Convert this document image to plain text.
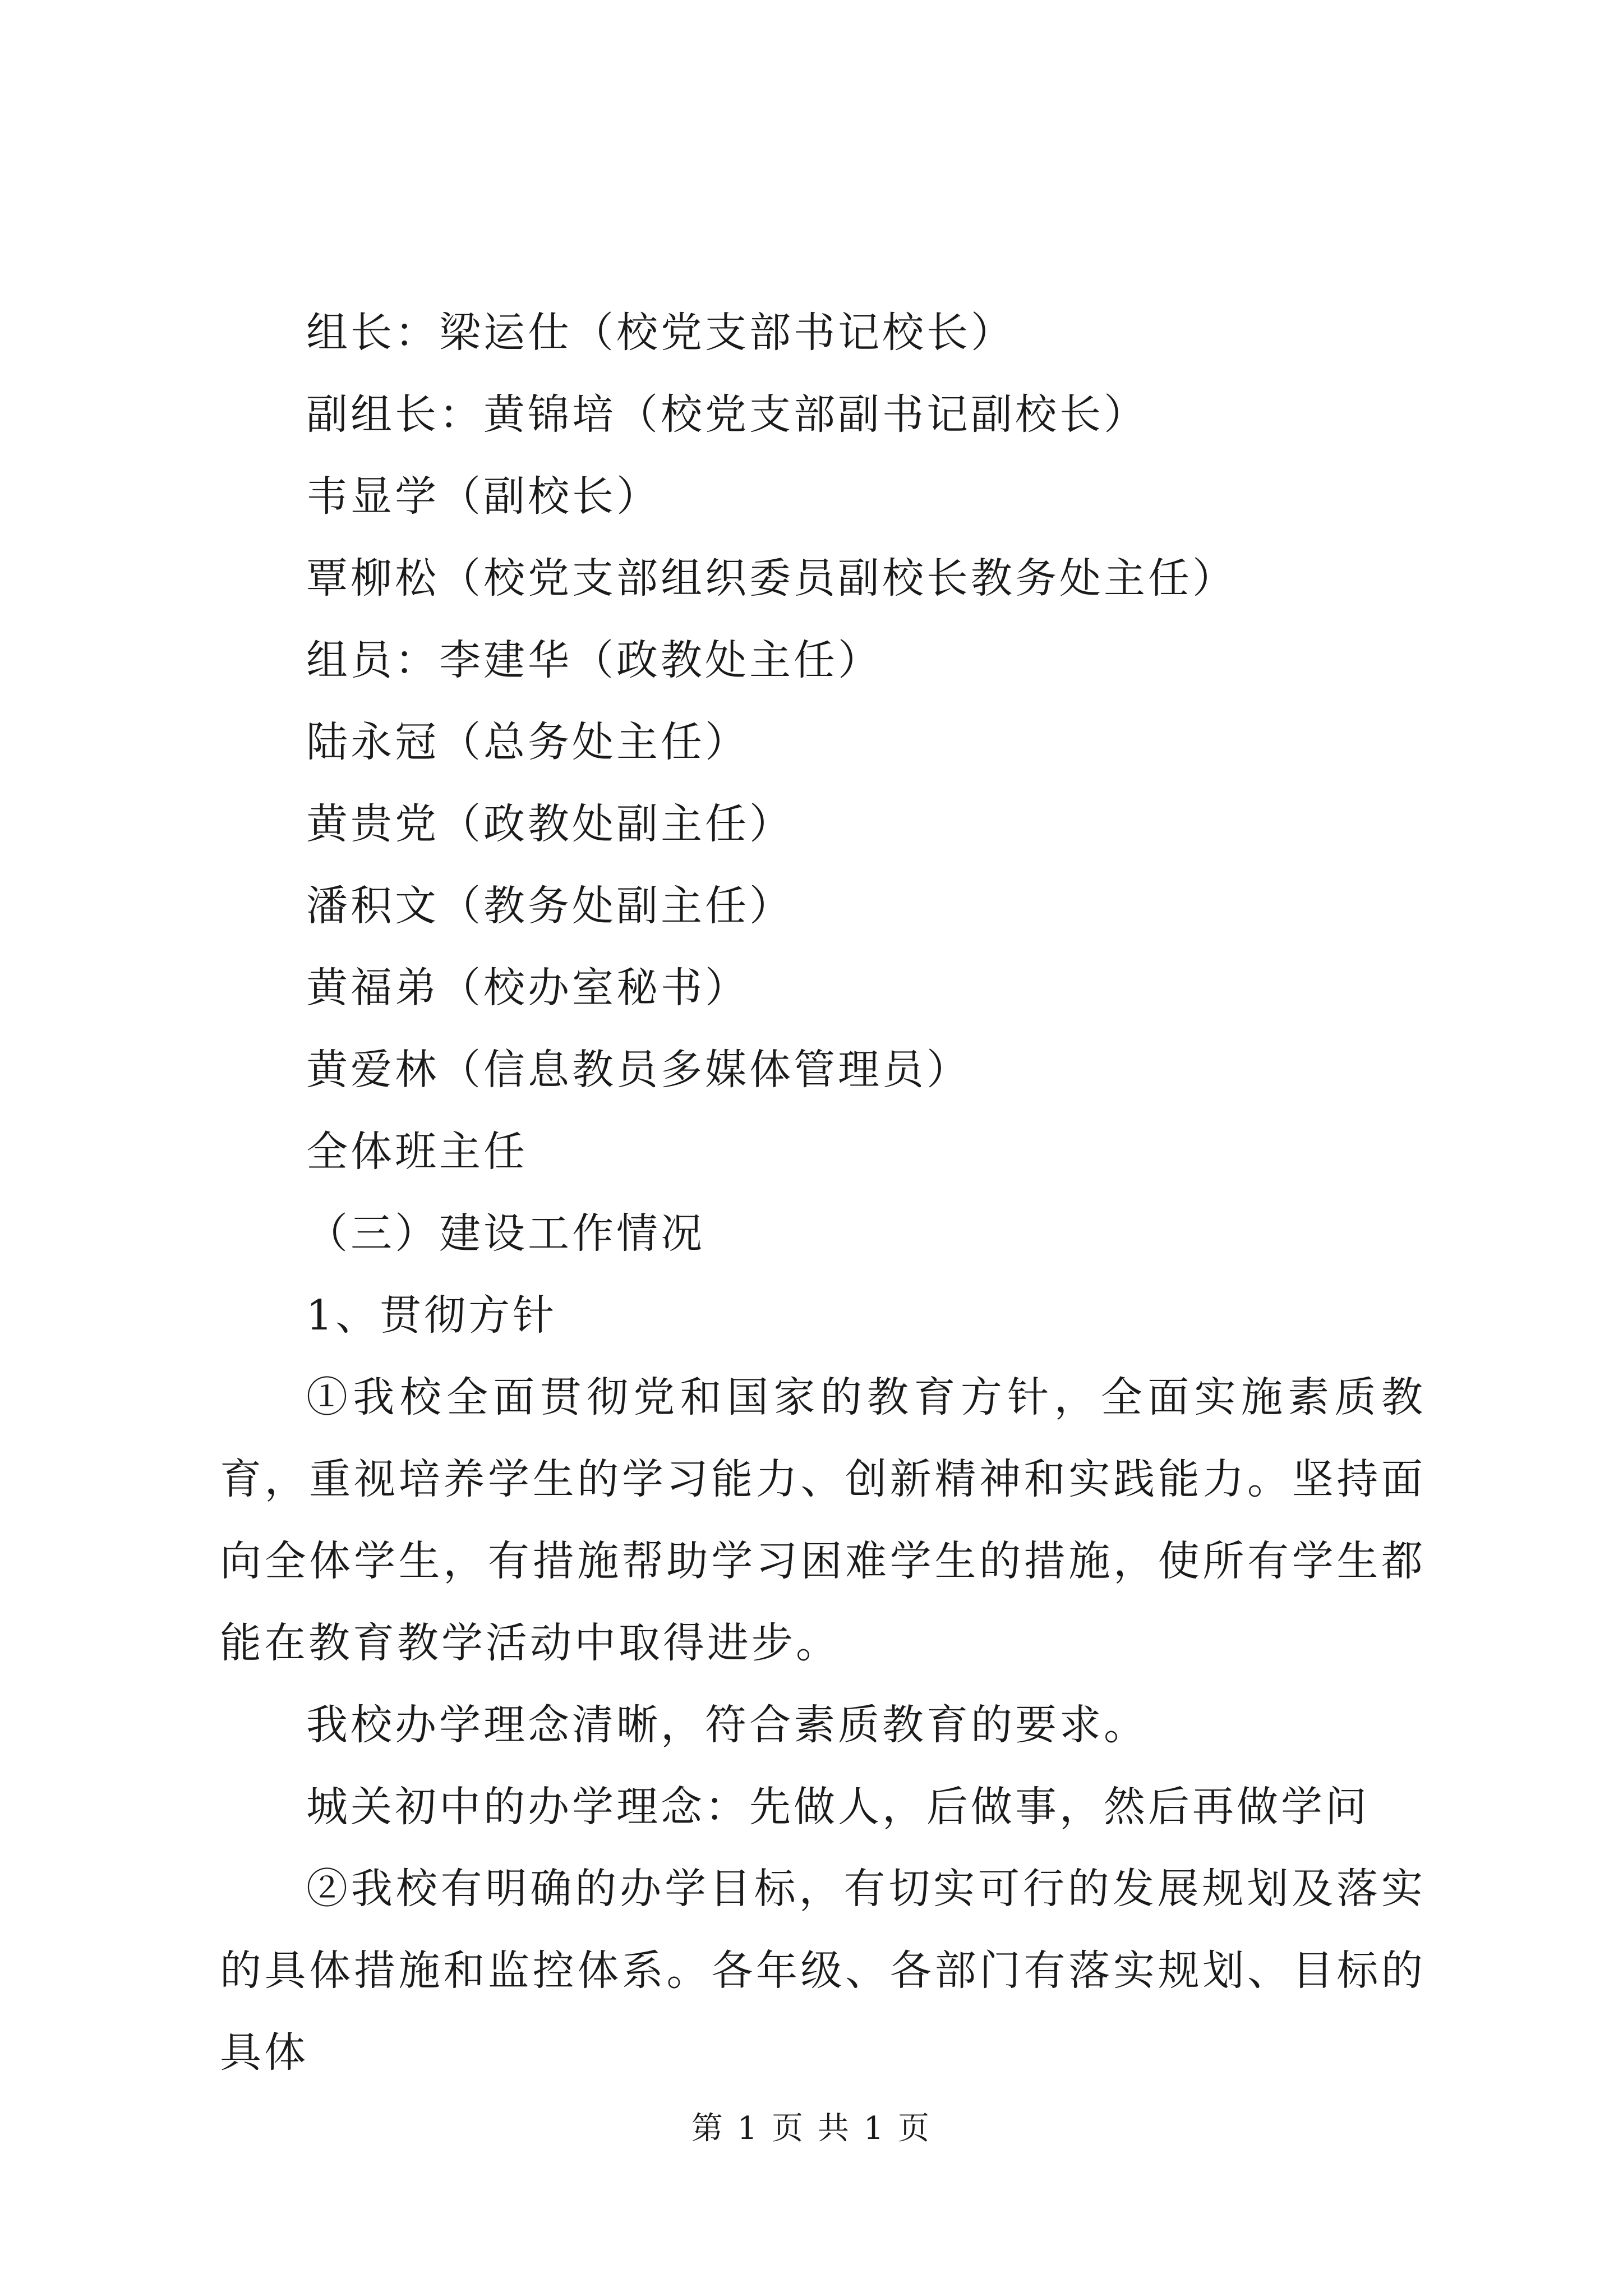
组长：梁运仕（校党支部书记校长）
副组长：黄锦培（校党支部副书记副校长）
韦显学（副校长）
覃柳松（校党支部组织委员副校长教务处主任）
组员：李建华（政教处主任）
陆永冠（总务处主任）
黄贵党（政教处副主任）
潘积文（教务处副主任）
黄福弟（校办室秘书）
黄爱林（信息教员多媒体管理员）
全体班主任
（三）建设工作情况
1、贯彻方针
①我校全面贯彻党和国家的教育方针，全面实施素质教育，重视培养学生的学习能力、创新精神和实践能力。坚持面向全体学生，有措施帮助学习困难学生的措施，使所有学生都能在教育教学活动中取得进步。
我校办学理念清晰，符合素质教育的要求。
城关初中的办学理念：先做人，后做事，然后再做学问
②我校有明确的办学目标，有切实可行的发展规划及落实的具体措施和监控体系。各年级、各部门有落实规划、目标的具体
第 1 页 共 1 页
